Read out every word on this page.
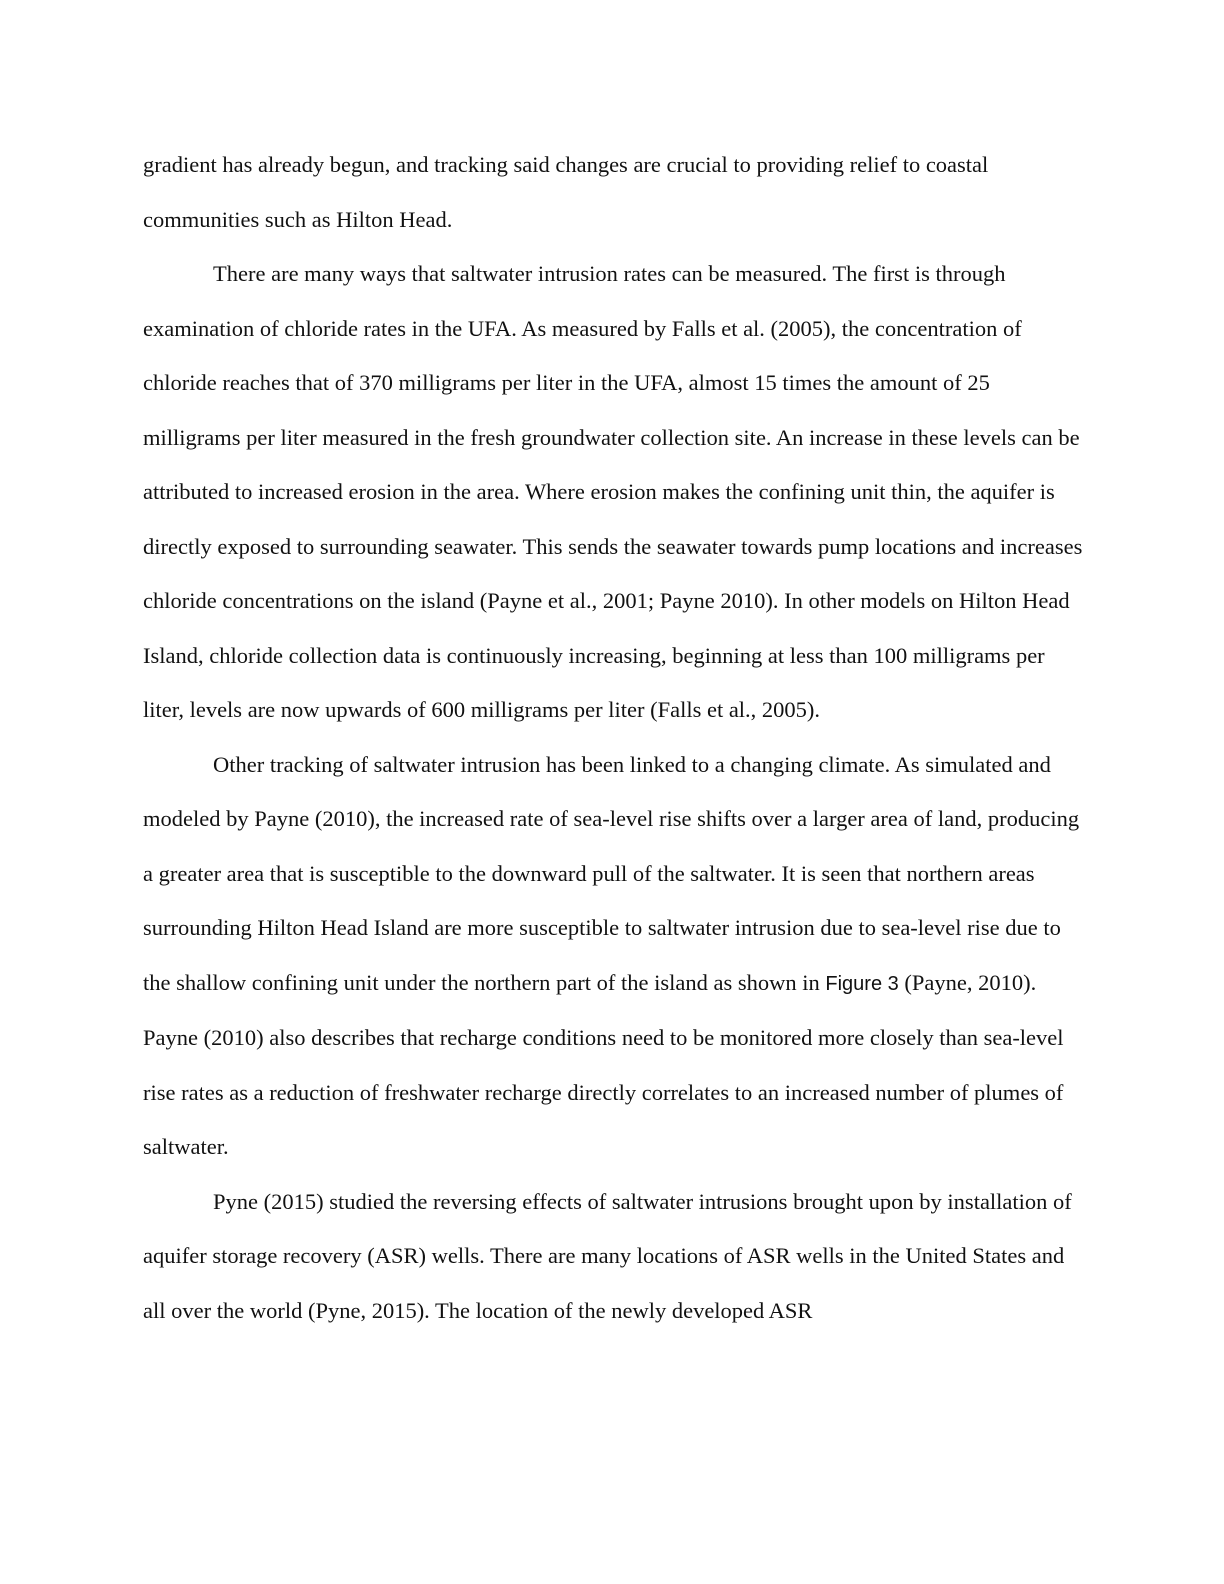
gradient has already begun, and tracking said changes are crucial to providing relief to coastal communities such as Hilton Head.

There are many ways that saltwater intrusion rates can be measured. The first is through examination of chloride rates in the UFA. As measured by Falls et al. (2005), the concentration of chloride reaches that of 370 milligrams per liter in the UFA, almost 15 times the amount of 25 milligrams per liter measured in the fresh groundwater collection site. An increase in these levels can be attributed to increased erosion in the area. Where erosion makes the confining unit thin, the aquifer is directly exposed to surrounding seawater. This sends the seawater towards pump locations and increases chloride concentrations on the island (Payne et al., 2001; Payne 2010). In other models on Hilton Head Island, chloride collection data is continuously increasing, beginning at less than 100 milligrams per liter, levels are now upwards of 600 milligrams per liter (Falls et al., 2005).

Other tracking of saltwater intrusion has been linked to a changing climate. As simulated and modeled by Payne (2010), the increased rate of sea-level rise shifts over a larger area of land, producing a greater area that is susceptible to the downward pull of the saltwater. It is seen that northern areas surrounding Hilton Head Island are more susceptible to saltwater intrusion due to sea-level rise due to the shallow confining unit under the northern part of the island as shown in Figure 3 (Payne, 2010). Payne (2010) also describes that recharge conditions need to be monitored more closely than sea-level rise rates as a reduction of freshwater recharge directly correlates to an increased number of plumes of saltwater.

Pyne (2015) studied the reversing effects of saltwater intrusions brought upon by installation of aquifer storage recovery (ASR) wells. There are many locations of ASR wells in the United States and all over the world (Pyne, 2015). The location of the newly developed ASR
